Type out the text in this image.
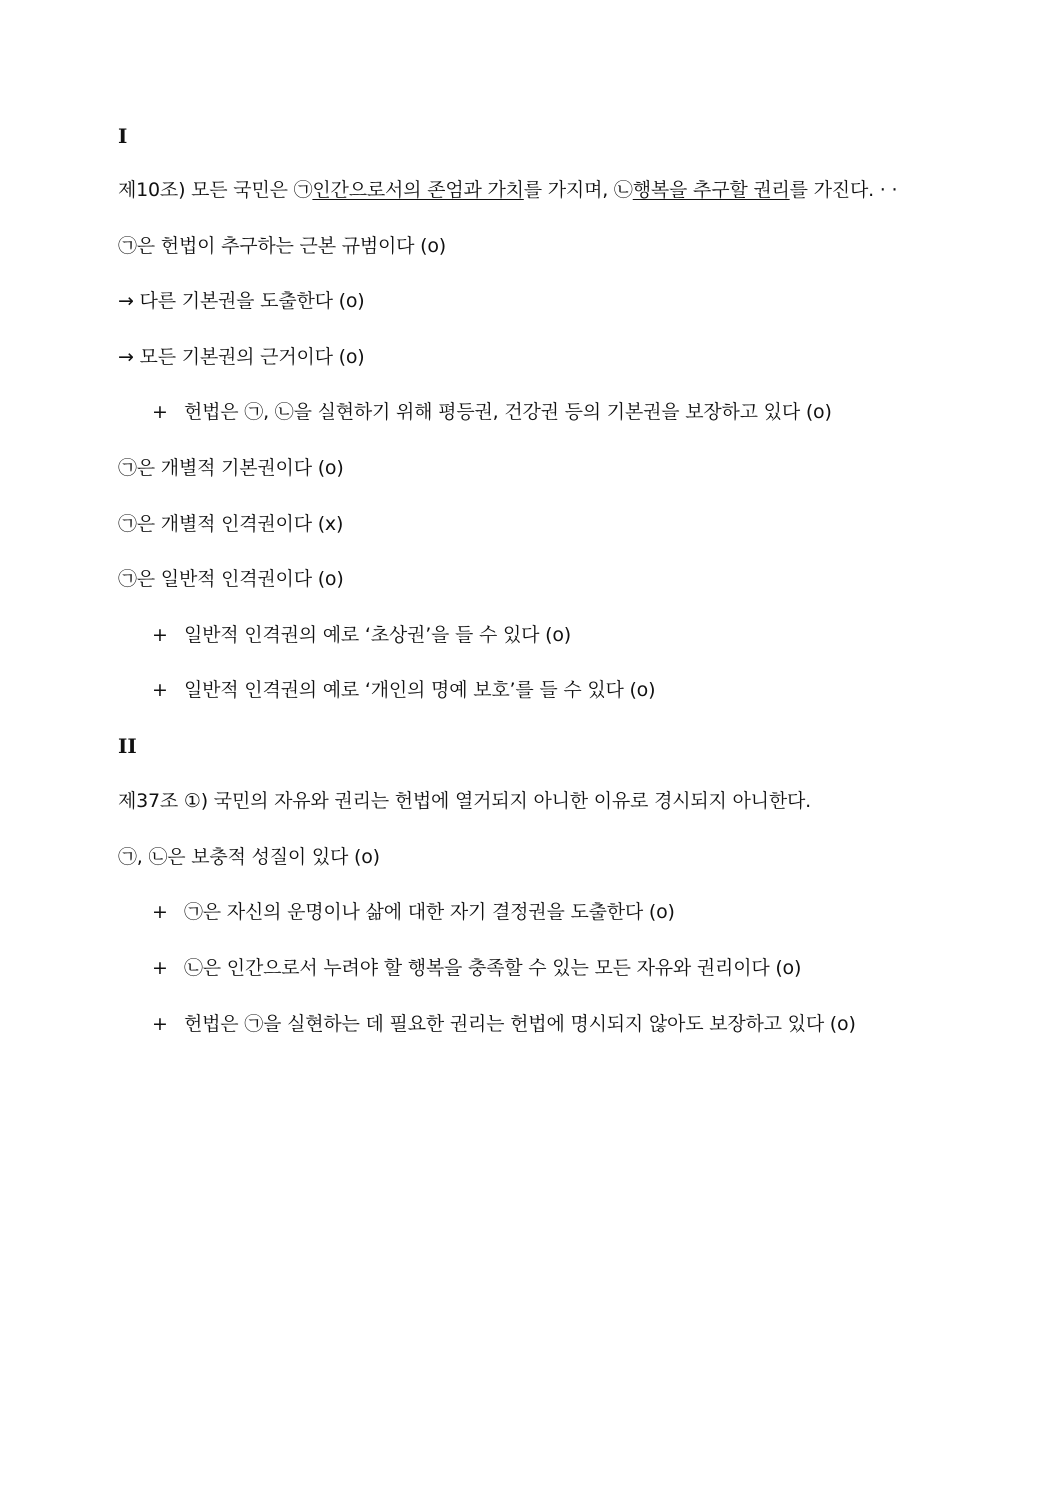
I
제10조) 모든 국민은 ㉠인간으로서의 존엄과 가치를 가지며, ㉡행복을 추구할 권리를 가진다. · ·
㉠은 헌법이 추구하는 근본 규범이다 (o)
→ 다른 기본권을 도출한다 (o)
→ 모든 기본권의 근거이다 (o)
+ 헌법은 ㉠, ㉡을 실현하기 위해 평등권, 건강권 등의 기본권을 보장하고 있다 (o)
㉠은 개별적 기본권이다 (o)
㉠은 개별적 인격권이다 (x)
㉠은 일반적 인격권이다 (o)
+ 일반적 인격권의 예로 ‘초상권’을 들 수 있다 (o)
+ 일반적 인격권의 예로 ‘개인의 명예 보호’를 들 수 있다 (o)
II
제37조 ①) 국민의 자유와 권리는 헌법에 열거되지 아니한 이유로 경시되지 아니한다.
㉠, ㉡은 보충적 성질이 있다 (o)
+ ㉠은 자신의 운명이나 삶에 대한 자기 결정권을 도출한다 (o)
+ ㉡은 인간으로서 누려야 할 행복을 충족할 수 있는 모든 자유와 권리이다 (o)
+ 헌법은 ㉠을 실현하는 데 필요한 권리는 헌법에 명시되지 않아도 보장하고 있다 (o)
